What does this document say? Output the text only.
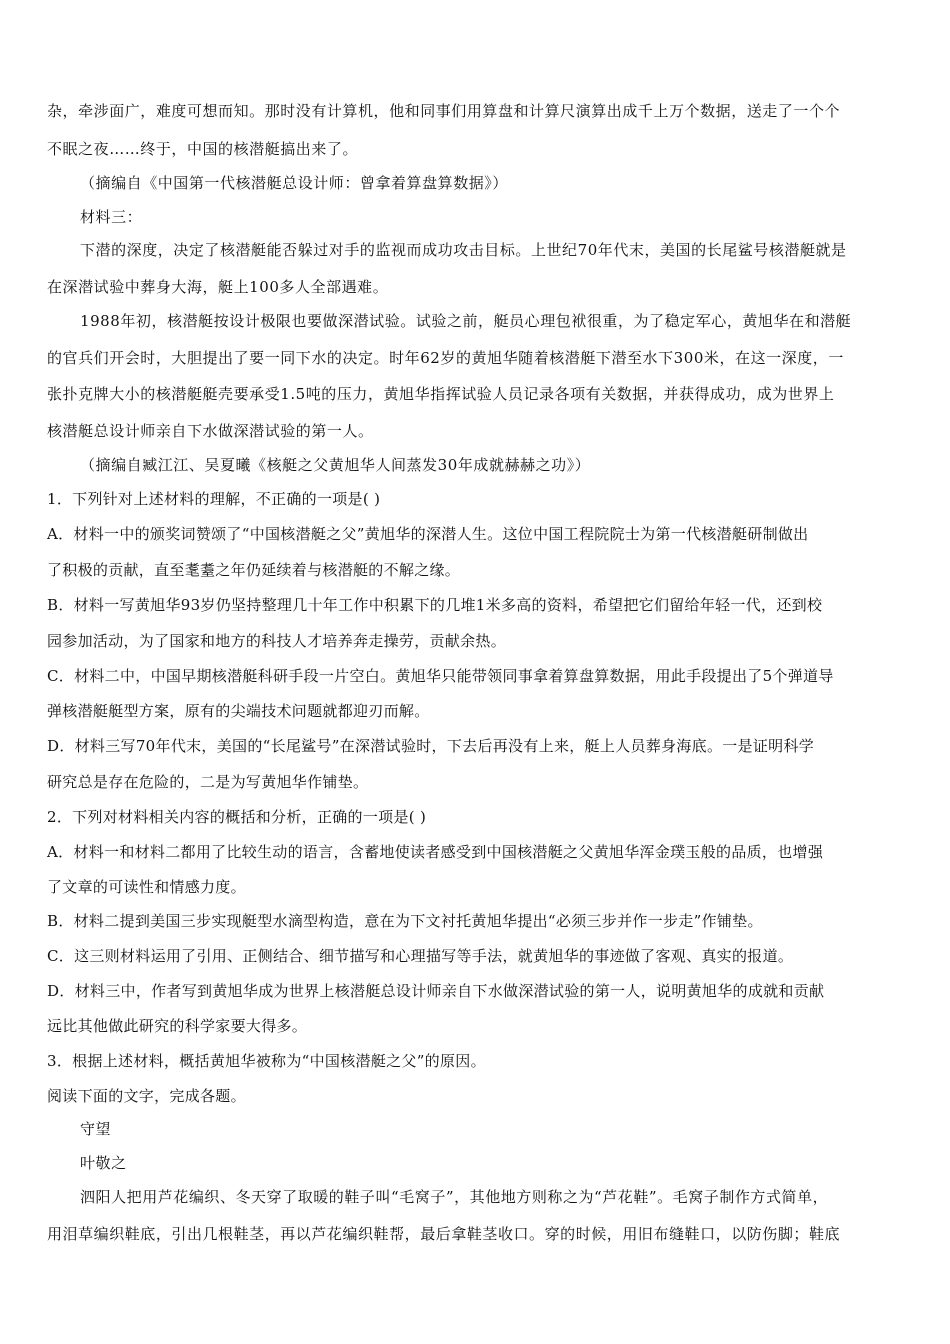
杂，牵涉面广，难度可想而知。那时没有计算机，他和同事们用算盘和计算尺演算出成千上万个数据，送走了一个个
不眠之夜……终于，中国的核潜艇搞出来了。
（摘编自《中国第一代核潜艇总设计师：曾拿着算盘算数据》）
材料三：
下潜的深度，决定了核潜艇能否躲过对手的监视而成功攻击目标。上世纪70年代末，美国的长尾鲨号核潜艇就是
在深潜试验中葬身大海，艇上100多人全部遇难。
1988年初，核潜艇按设计极限也要做深潜试验。试验之前，艇员心理包袱很重，为了稳定军心，黄旭华在和潜艇
的官兵们开会时，大胆提出了要一同下水的决定。时年62岁的黄旭华随着核潜艇下潜至水下300米，在这一深度，一
张扑克牌大小的核潜艇艇壳要承受1.5吨的压力，黄旭华指挥试验人员记录各项有关数据，并获得成功，成为世界上
核潜艇总设计师亲自下水做深潜试验的第一人。
（摘编自臧江江、吴夏曦《核艇之父黄旭华人间蒸发30年成就赫赫之功》）
1．下列针对上述材料的理解，不正确的一项是( )
A．材料一中的颁奖词赞颂了“中国核潜艇之父”黄旭华的深潜人生。这位中国工程院院士为第一代核潜艇研制做出
了积极的贡献，直至耄耋之年仍延续着与核潜艇的不解之缘。
B．材料一写黄旭华93岁仍坚持整理几十年工作中积累下的几堆1米多高的资料，希望把它们留给年轻一代，还到校
园参加活动，为了国家和地方的科技人才培养奔走操劳，贡献余热。
C．材料二中，中国早期核潜艇科研手段一片空白。黄旭华只能带领同事拿着算盘算数据，用此手段提出了5个弹道导
弹核潜艇艇型方案，原有的尖端技术问题就都迎刃而解。
D．材料三写70年代末，美国的“长尾鲨号”在深潜试验时，下去后再没有上来，艇上人员葬身海底。一是证明科学
研究总是存在危险的，二是为写黄旭华作铺垫。
2．下列对材料相关内容的概括和分析，正确的一项是( )
A．材料一和材料二都用了比较生动的语言，含蓄地使读者感受到中国核潜艇之父黄旭华浑金璞玉般的品质，也增强
了文章的可读性和情感力度。
B．材料二提到美国三步实现艇型水滴型构造，意在为下文衬托黄旭华提出“必须三步并作一步走”作铺垫。
C．这三则材料运用了引用、正侧结合、细节描写和心理描写等手法，就黄旭华的事迹做了客观、真实的报道。
D．材料三中，作者写到黄旭华成为世界上核潜艇总设计师亲自下水做深潜试验的第一人，说明黄旭华的成就和贡献
远比其他做此研究的科学家要大得多。
3．根据上述材料，概括黄旭华被称为“中国核潜艇之父”的原因。
阅读下面的文字，完成各题。
守望
叶敬之
泗阳人把用芦花编织、冬天穿了取暖的鞋子叫“毛窝子”，其他地方则称之为“芦花鞋”。毛窝子制作方式简单，
用泪草编织鞋底，引出几根鞋茎，再以芦花编织鞋帮，最后拿鞋茎收口。穿的时候，用旧布缝鞋口，以防伤脚；鞋底
